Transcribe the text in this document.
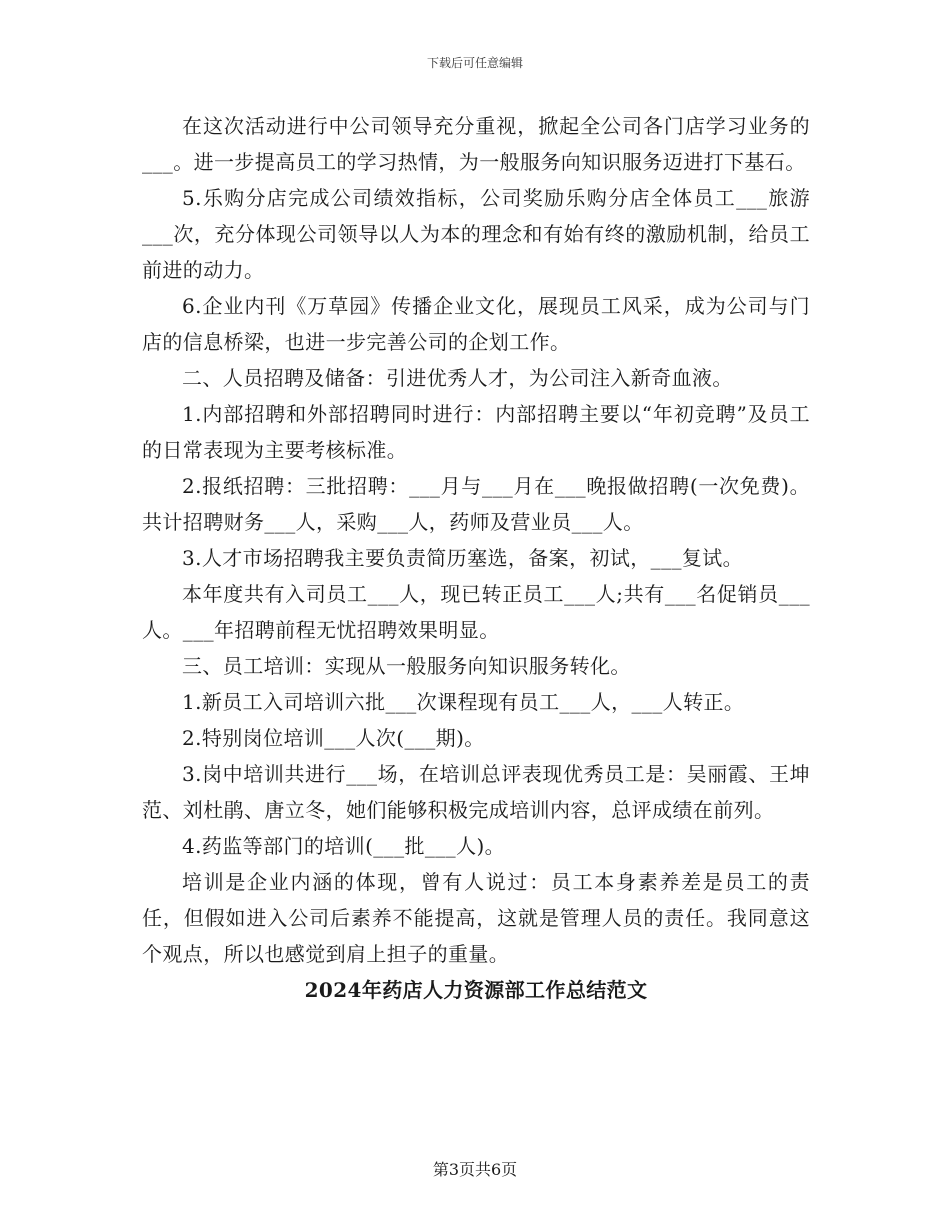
下载后可任意编辑

在这次活动进行中公司领导充分重视，掀起全公司各门店学习业务的___。进一步提高员工的学习热情，为一般服务向知识服务迈进打下基石。

5.乐购分店完成公司绩效指标，公司奖励乐购分店全体员工___旅游___次，充分体现公司领导以人为本的理念和有始有终的激励机制，给员工前进的动力。

6.企业内刊《万草园》传播企业文化，展现员工风采，成为公司与门店的信息桥梁，也进一步完善公司的企划工作。

二、人员招聘及储备：引进优秀人才，为公司注入新奇血液。

1.内部招聘和外部招聘同时进行：内部招聘主要以“年初竞聘”及员工的日常表现为主要考核标准。

2.报纸招聘：三批招聘：___月与___月在___晚报做招聘(一次免费)。共计招聘财务___人，采购___人，药师及营业员___人。

3.人才市场招聘我主要负责简历塞选，备案，初试，___复试。

本年度共有入司员工___人，现已转正员工___人;共有___名促销员___人。___年招聘前程无忧招聘效果明显。

三、员工培训：实现从一般服务向知识服务转化。

1.新员工入司培训六批___次课程现有员工___人，___人转正。

2.特别岗位培训___人次(___期)。

3.岗中培训共进行___场，在培训总评表现优秀员工是：吴丽霞、王坤范、刘杜鹃、唐立冬，她们能够积极完成培训内容，总评成绩在前列。

4.药监等部门的培训(___批___人)。

培训是企业内涵的体现，曾有人说过：员工本身素养差是员工的责任，但假如进入公司后素养不能提高，这就是管理人员的责任。我同意这个观点，所以也感觉到肩上担子的重量。

2024年药店人力资源部工作总结范文

第3页共6页
